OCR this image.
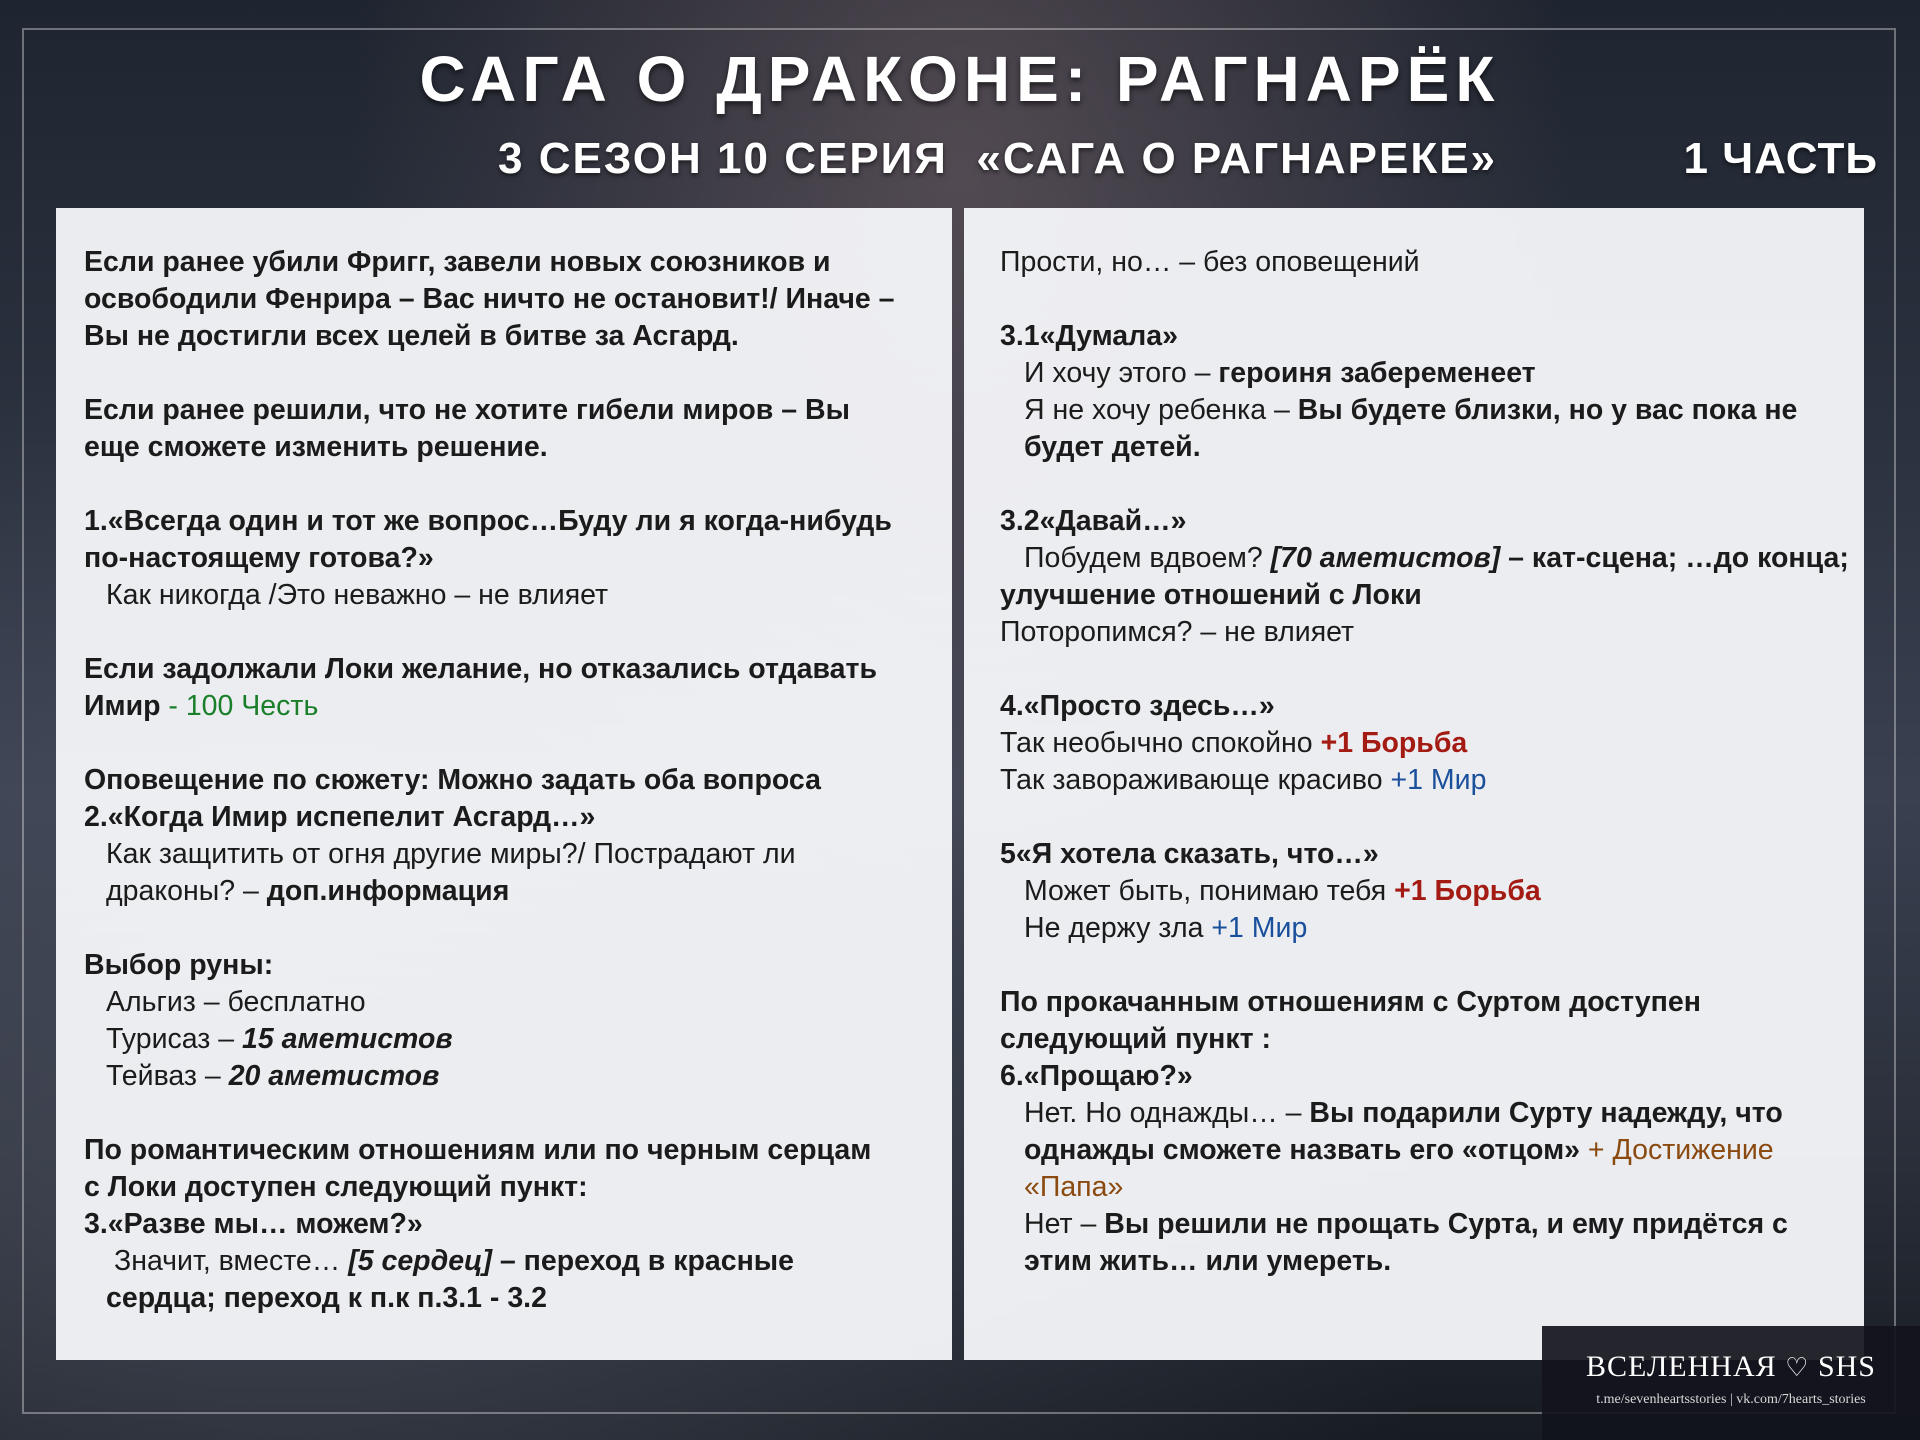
САГА О ДРАКОНЕ: РАГНАРЁК
3 СЕЗОН 10 СЕРИЯ  «САГА О РАГНАРЕКЕ»	1 ЧАСТЬ
Если ранее убили Фригг, завели новых союзников и
освободили Фенрира – Вас ничто не остановит!/ Иначе –
Вы не достигли всех целей в битве за Асгард.
Если ранее решили, что не хотите гибели миров – Вы
еще сможете изменить решение.
1.«Всегда один и тот же вопрос…Буду ли я когда-нибудь
по-настоящему готова?»
Как никогда /Это неважно – не влияет
Если задолжали Локи желание, но отказались отдавать
Имир - 100 Честь
Оповещение по сюжету: Можно задать оба вопроса
2.«Когда Имир испепелит Асгард…»
Как защитить от огня другие миры?/ Пострадают ли
драконы? – доп.информация
Выбор руны:
Альгиз – бесплатно
Турисаз – 15 аметистов
Тейваз – 20 аметистов
По романтическим отношениям или по черным серцам
с Локи доступен следующий пункт:
3.«Разве мы… можем?»
Значит, вместе… [5 сердец] – переход в красные
сердца; переход к п.к п.3.1 - 3.2
Прости, но… – без оповещений
3.1«Думала»
И хочу этого – героиня забеременеет
Я не хочу ребенка – Вы будете близки, но у вас пока не
будет детей.
3.2«Давай…»
Побудем вдвоем? [70 аметистов] – кат-сцена; …до конца;
улучшение отношений с Локи
Поторопимся? – не влияет
4.«Просто здесь…»
Так необычно спокойно +1 Борьба
Так завораживающе красиво +1 Мир
5«Я хотела сказать, что…»
Может быть, понимаю тебя +1 Борьба
Не держу зла +1 Мир
По прокачанным отношениям с Суртом доступен
следующий пункт :
6.«Прощаю?»
Нет. Но однажды… – Вы подарили Сурту надежду, что
однажды сможете назвать его «отцом» + Достижение
«Папа»
Нет – Вы решили не прощать Сурта, и ему придётся с
этим жить… или умереть.
ВСЕЛЕННАЯ ♡ SHS
t.me/sevenheartsstories | vk.com/7hearts_stories
